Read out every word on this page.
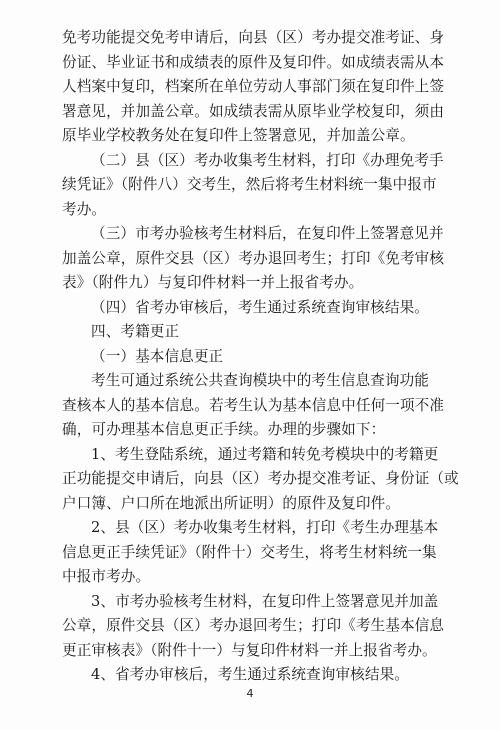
免考功能提交免考申请后，向县（区）考办提交准考证、身
份证、毕业证书和成绩表的原件及复印件。如成绩表需从本
人档案中复印，档案所在单位劳动人事部门须在复印件上签
署意见，并加盖公章。如成绩表需从原毕业学校复印，须由
原毕业学校教务处在复印件上签署意见，并加盖公章。
（二）县（区）考办收集考生材料，打印《办理免考手
续凭证》（附件八）交考生，然后将考生材料统一集中报市
考办。
（三）市考办验核考生材料后，在复印件上签署意见并
加盖公章，原件交县（区）考办退回考生；打印《免考审核
表》（附件九）与复印件材料一并上报省考办。
（四）省考办审核后，考生通过系统查询审核结果。
四、考籍更正
（一）基本信息更正
考生可通过系统公共查询模块中的考生信息查询功能
查核本人的基本信息。若考生认为基本信息中任何一项不准
确，可办理基本信息更正手续。办理的步骤如下：
1、考生登陆系统，通过考籍和转免考模块中的考籍更
正功能提交申请后，向县（区）考办提交准考证、身份证（或
户口簿、户口所在地派出所证明）的原件及复印件。
2、县（区）考办收集考生材料，打印《考生办理基本
信息更正手续凭证》（附件十）交考生，将考生材料统一集
中报市考办。
3、市考办验核考生材料，在复印件上签署意见并加盖
公章，原件交县（区）考办退回考生；打印《考生基本信息
更正审核表》（附件十一）与复印件材料一并上报省考办。
4、省考办审核后，考生通过系统查询审核结果。
4
